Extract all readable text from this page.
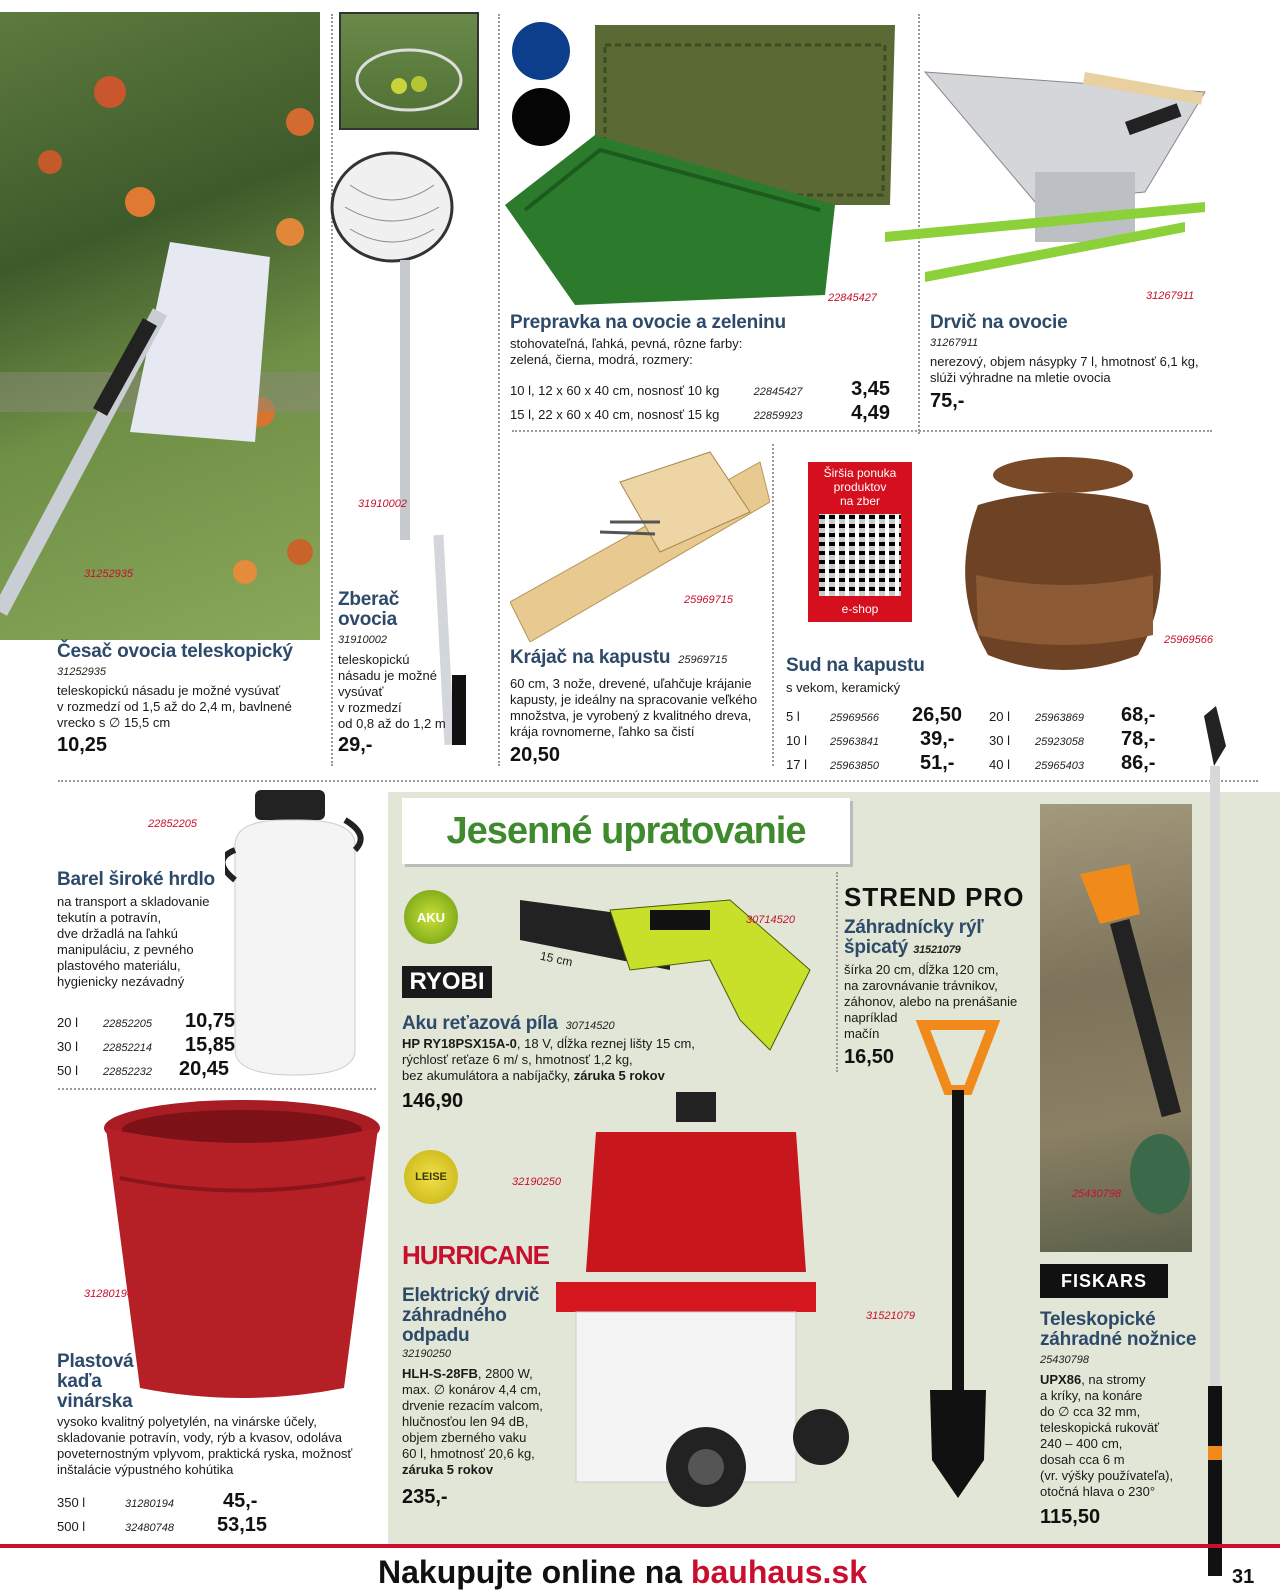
31252935
Česač ovocia teleskopický
31252935
teleskopickú násadu je možné vysúvať
v rozmedzí od 1,5 až do 2,4 m, bavlnené
vrecko s ∅ 15,5 cm
10,25
31910002
Zberač
ovocia
31910002
teleskopickú
násadu je možné
vysúvať
v rozmedzí
od 0,8 až do 1,2 m
29,-
22845427
Prepravka na ovocie a zeleninu
stohovateľná, ľahká, pevná, rôzne farby:
zelená, čierna, modrá, rozmery:
10 l, 12 x 60 x 40 cm, nosnosť 10 kg	22845427	3,45
15 l, 22 x 60 x 40 cm, nosnosť 15 kg	22859923	4,49
31267911
Drvič na ovocie
31267911
nerezový, objem násypky 7 l, hmotnosť 6,1 kg,
slúži výhradne na mletie ovocia
75,-
25969715
Krájač na kapustu 25969715
60 cm, 3 nože, drevené, uľahčuje krájanie
kapusty, je ideálny na spracovanie veľkého
množstva, je vyrobený z kvalitného dreva,
krája rovnomerne, ľahko sa čistí
20,50
Širšia ponuka
produktov
na zber
e-shop
25969566
Sud na kapustu
s vekom, keramický
5 l	25969566	26,50
10 l	25963841	39,-
17 l	25963850	51,-
20 l	25963869	68,-
30 l	25923058	78,-
40 l	25965403	86,-
22852205
Barel široké hrdlo
na transport a skladovanie
tekutín a potravín,
dve držadlá na ľahkú
manipuláciu, z pevného
plastového materiálu,
hygienicky nezávadný
20 l	22852205	10,75
30 l	22852214	15,85
50 l	22852232	20,45
31280194
Plastová
kaďa
vinárska
vysoko kvalitný polyetylén, na vinárske účely,
skladovanie potravín, vody, rýb a kvasov, odoláva
poveternostným vplyvom, praktická ryska, možnosť
inštalácie výpustného kohútika
350 l	31280194	45,-
500 l	32480748	53,15
Jesenné upratovanie
AKU
RYOBI
15 cm
30714520
Aku reťazová píla 30714520
HP RY18PSX15A-0, 18 V, dĺžka reznej lišty 15 cm,
rýchlosť reťaze 6 m/ s, hmotnosť 1,2 kg,
bez akumulátora a nabíjačky, záruka 5 rokov
146,90
STREND PRO
Záhradnícky rýľ
špicatý 31521079
šírka 20 cm, dĺžka 120 cm,
na zarovnávanie trávnikov,
záhonov, alebo na prenášanie
napríklad
mačín
16,50
31521079
LEISE
HURRICANE
32190250
Elektrický drvič
záhradného
odpadu
32190250
HLH-S-28FB, 2800 W,
max. ∅ konárov 4,4 cm,
drvenie rezacím valcom,
hlučnosťou len 94 dB,
objem zberného vaku
60 l, hmotnosť 20,6 kg,
záruka 5 rokov
235,-
25430798
FISKARS
Teleskopické
záhradné nožnice
25430798
UPX86, na stromy
a kríky, na konáre
do ∅ cca 32 mm,
teleskopická rukoväť
240 – 400 cm,
dosah cca 6 m
(vr. výšky používateľa),
otočná hlava o 230°
115,50
Nakupujte online na bauhaus.sk	31
